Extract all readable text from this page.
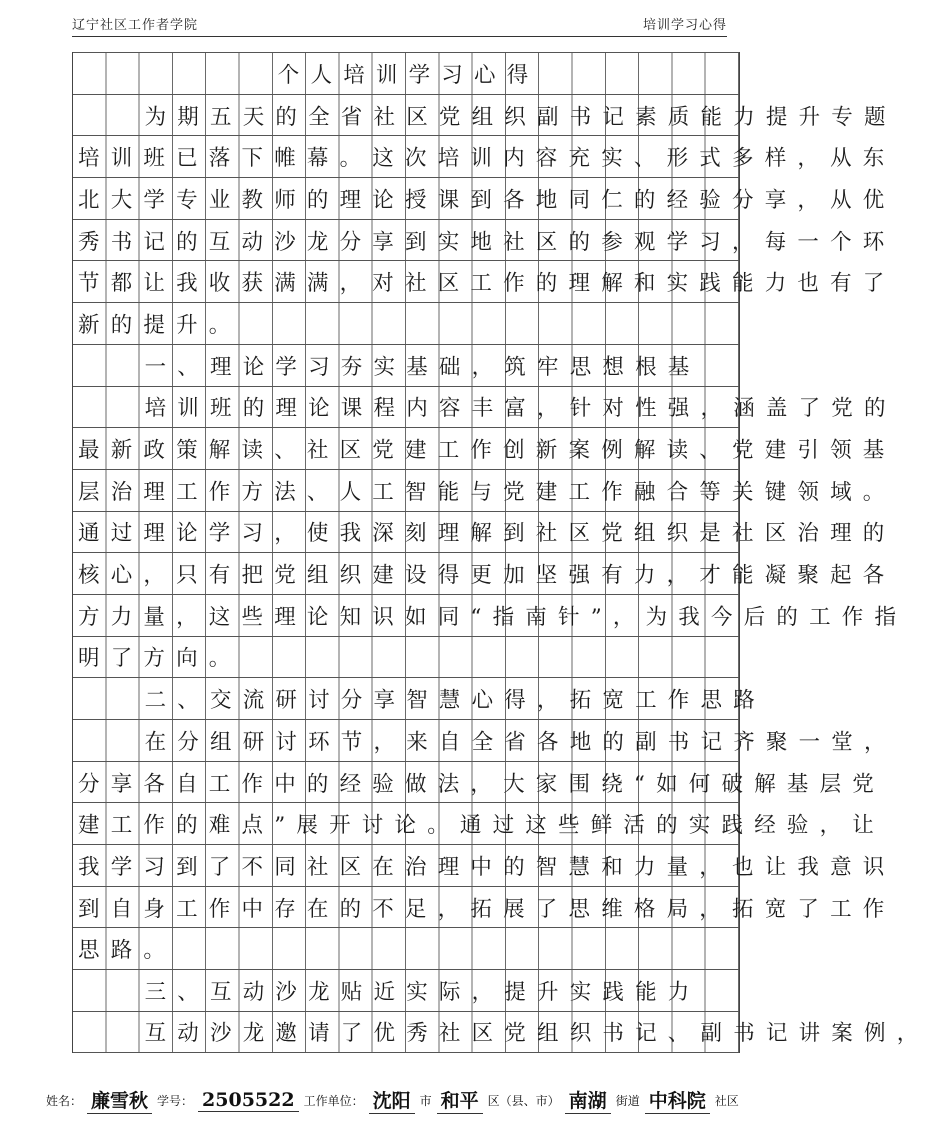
辽宁社区工作者学院	培训学习心得
个人培训学习心得
为期五天的全省社区党组织副书记素质能力提升专题
培训班已落下帷幕。这次培训内容充实、形式多样，从东
北大学专业教师的理论授课到各地同仁的经验分享，从优
秀书记的互动沙龙分享到实地社区的参观学习，每一个环
节都让我收获满满，对社区工作的理解和实践能力也有了
新的提升。
一、理论学习夯实基础，筑牢思想根基
培训班的理论课程内容丰富，针对性强，涵盖了党的
最新政策解读、社区党建工作创新案例解读、党建引领基
层治理工作方法、人工智能与党建工作融合等关键领域。
通过理论学习，使我深刻理解到社区党组织是社区治理的
核心，只有把党组织建设得更加坚强有力，才能凝聚起各
方力量，这些理论知识如同“指南针”，为我今后的工作指
明了方向。
二、交流研讨分享智慧心得，拓宽工作思路
在分组研讨环节，来自全省各地的副书记齐聚一堂，
分享各自工作中的经验做法，大家围绕“如何破解基层党
建工作的难点”展开讨论。通过这些鲜活的实践经验，让
我学习到了不同社区在治理中的智慧和力量，也让我意识
到自身工作中存在的不足，拓展了思维格局，拓宽了工作
思路。
三、互动沙龙贴近实际，提升实践能力
互动沙龙邀请了优秀社区党组织书记、副书记讲案例，
姓名： 廉雪秋 学号： 2505522 工作单位： 沈阳 市 和平 区（县、市） 南湖 街道 中科院 社区
